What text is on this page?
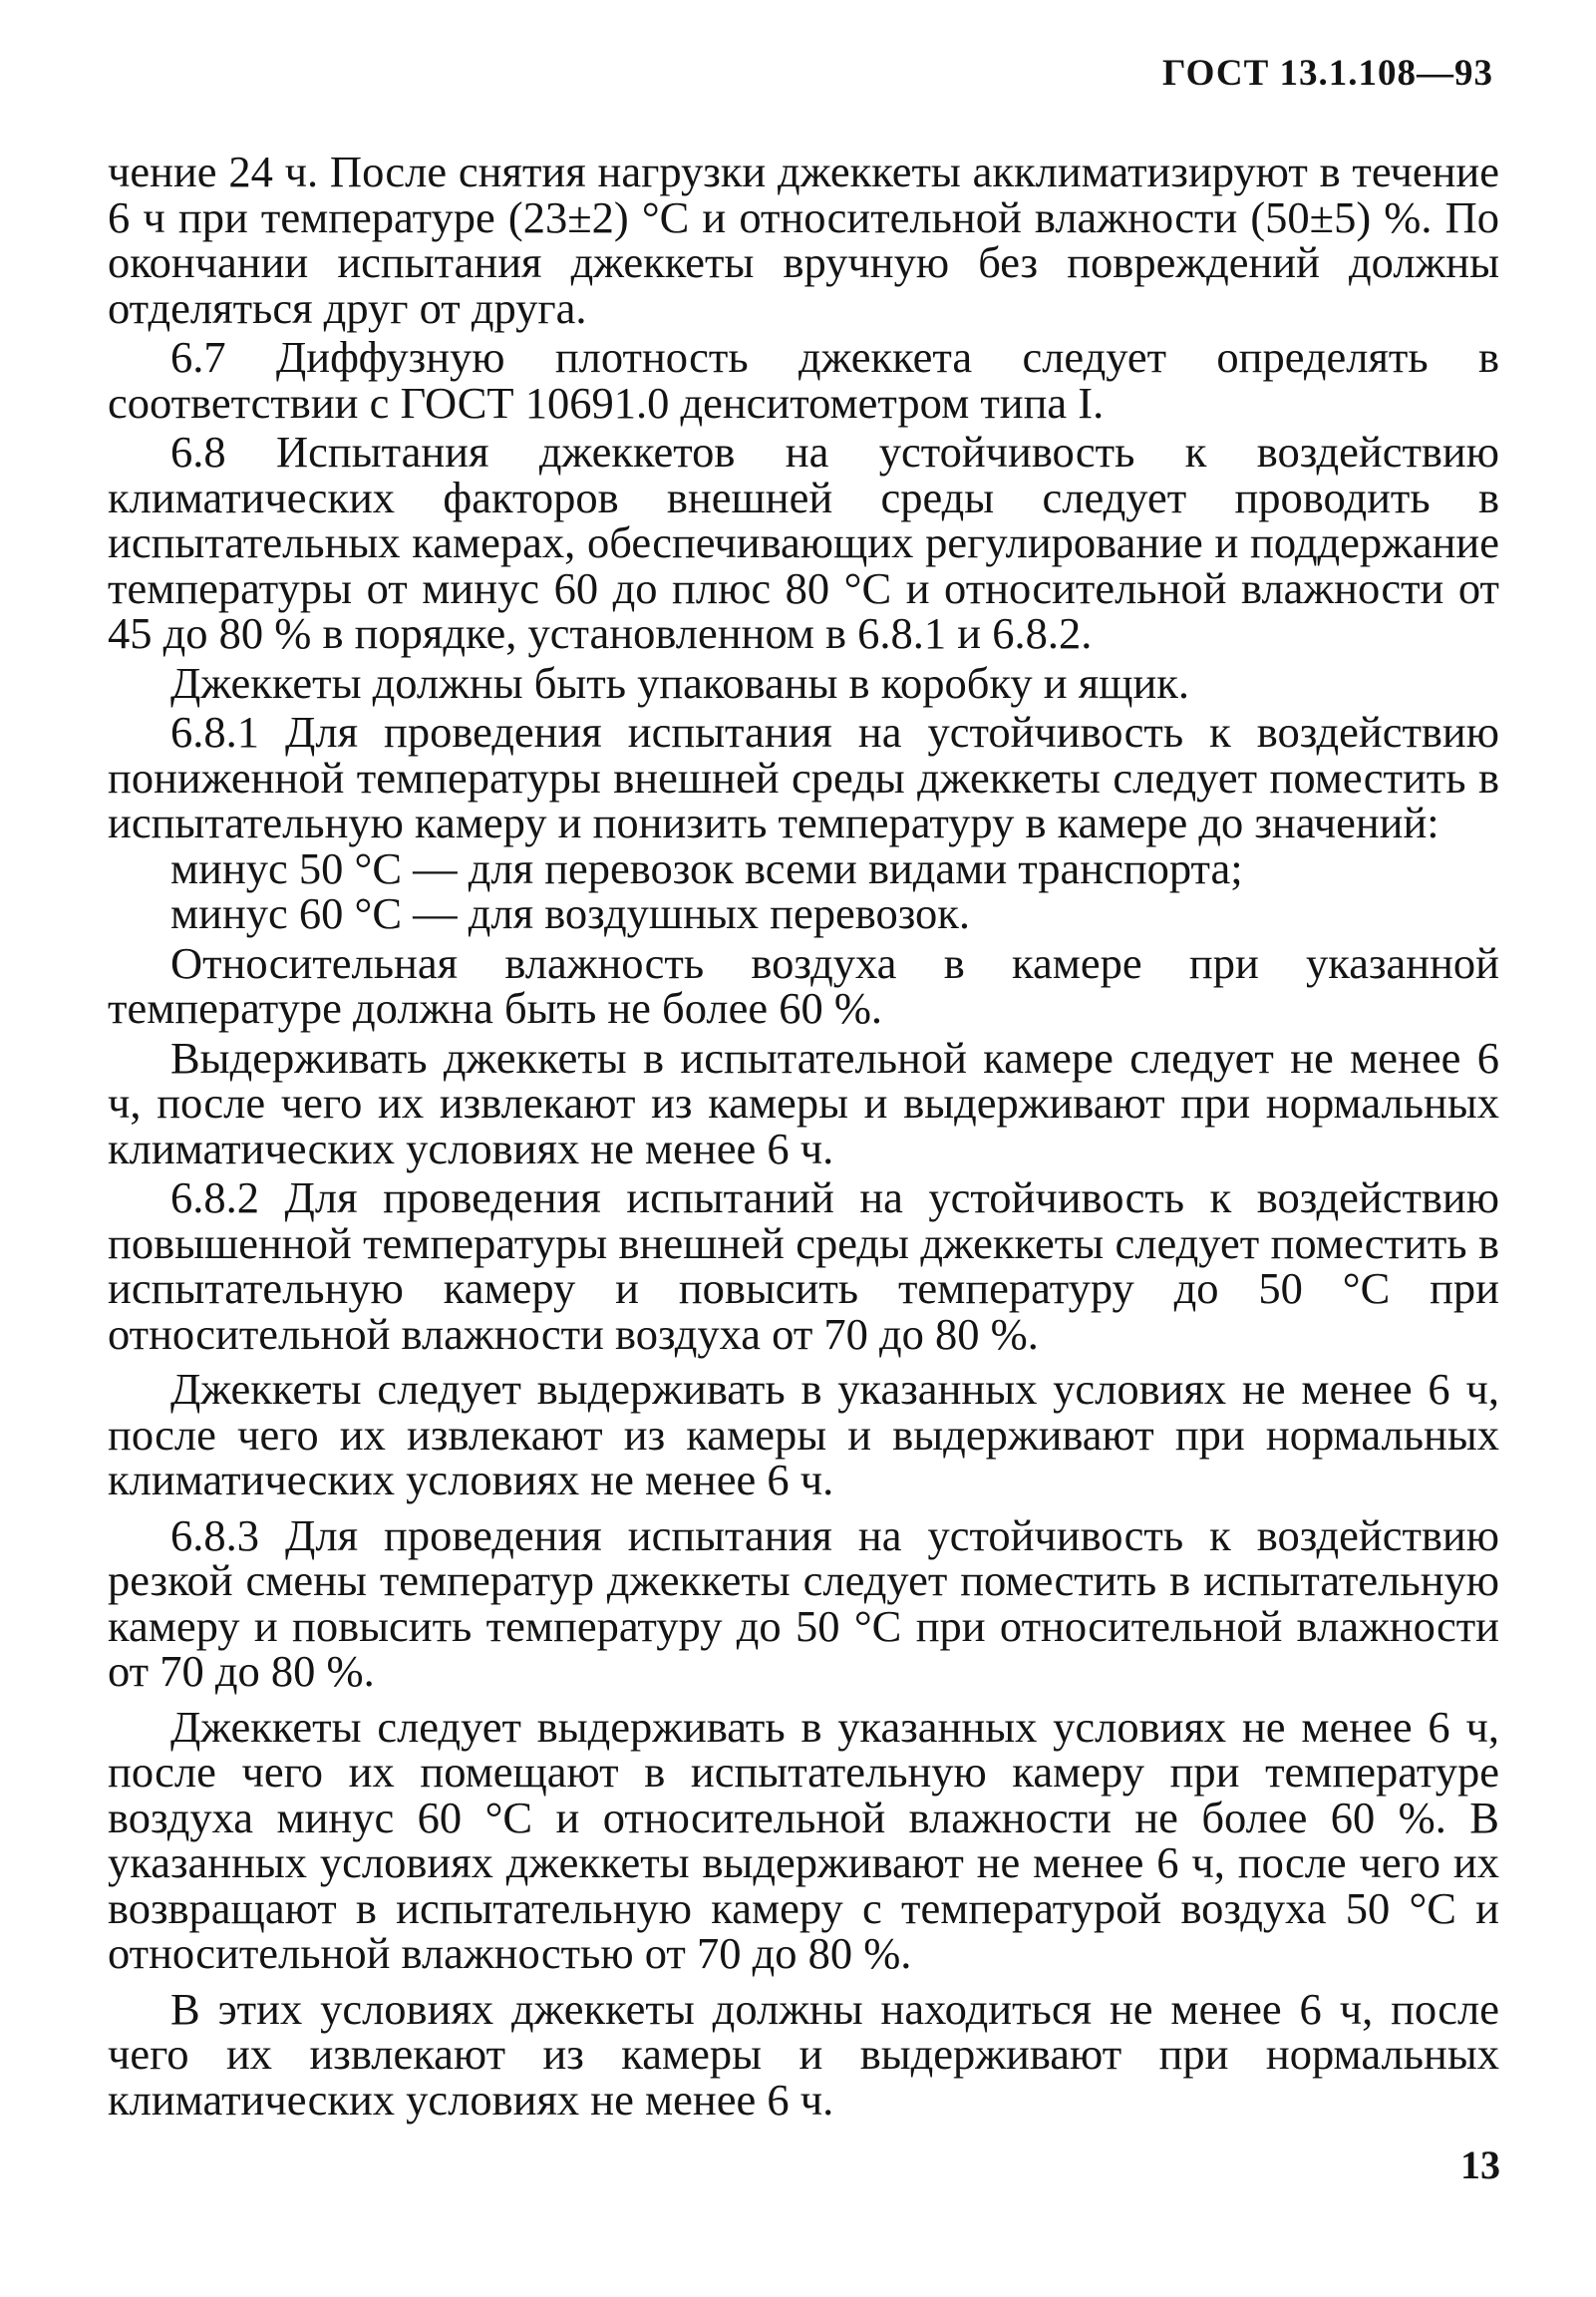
ГОСТ 13.1.108—93

чение 24 ч. После снятия нагрузки джеккеты акклиматизируют в течение 6 ч при температуре (23±2) °С и относительной влажности (50±5) %. По окончании испытания джеккеты вручную без повреждений должны отделяться друг от друга.

6.7 Диффузную плотность джеккета следует определять в соответствии с ГОСТ 10691.0 денситометром типа I.

6.8 Испытания джеккетов на устойчивость к воздействию климатических факторов внешней среды следует проводить в испытательных камерах, обеспечивающих регулирование и поддержание температуры от минус 60 до плюс 80 °С и относительной влажности от 45 до 80 % в порядке, установленном в 6.8.1 и 6.8.2.

Джеккеты должны быть упакованы в коробку и ящик.

6.8.1 Для проведения испытания на устойчивость к воздействию пониженной температуры внешней среды джеккеты следует поместить в испытательную камеру и понизить температуру в камере до значений:

минус 50 °С — для перевозок всеми видами транспорта;

минус 60 °С — для воздушных перевозок.

Относительная влажность воздуха в камере при указанной температуре должна быть не более 60 %.

Выдерживать джеккеты в испытательной камере следует не менее 6 ч, после чего их извлекают из камеры и выдерживают при нормальных климатических условиях не менее 6 ч.

6.8.2 Для проведения испытаний на устойчивость к воздействию повышенной температуры внешней среды джеккеты следует поместить в испытательную камеру и повысить температуру до 50 °С при относительной влажности воздуха от 70 до 80 %.

Джеккеты следует выдерживать в указанных условиях не менее 6 ч, после чего их извлекают из камеры и выдерживают при нормальных климатических условиях не менее 6 ч.

6.8.3 Для проведения испытания на устойчивость к воздействию резкой смены температур джеккеты следует поместить в испытательную камеру и повысить температуру до 50 °С при относительной влажности от 70 до 80 %.

Джеккеты следует выдерживать в указанных условиях не менее 6 ч, после чего их помещают в испытательную камеру при температуре воздуха минус 60 °С и относительной влажности не более 60 %. В указанных условиях джеккеты выдерживают не менее 6 ч, после чего их возвращают в испытательную камеру с температурой воздуха 50 °С и относительной влажностью от 70 до 80 %.

В этих условиях джеккеты должны находиться не менее 6 ч, после чего их извлекают из камеры и выдерживают при нормальных климатических условиях не менее 6 ч.

13
